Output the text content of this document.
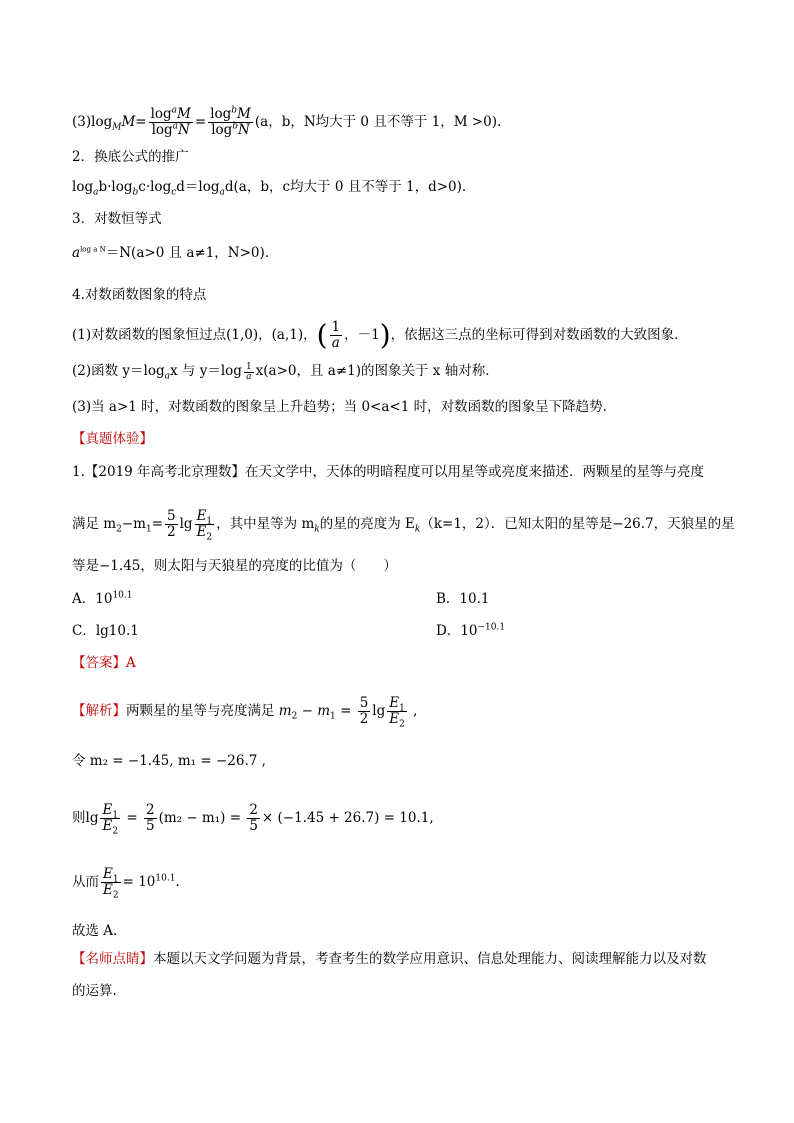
$(3)\log_MM= \frac{\log^aM}{\log^aN} = \frac{\log^bM}{\log^bN} (a$，b，N均大于 0 且不等于 1，M >0).
2．换底公式的推广
$\log_ab\cdot\log_bc\cdot\log_cd=\log_ad(a$，b，c均大于 0 且不等于 1，d>0).
3．对数恒等式
$a^{log a N}=N(a>0$ 且 a≠1，N>0).
4.对数函数图象的特点
(1)对数函数的图象恒过点(1,0)，(a,1)，( $\frac{1}{a}$ ，－1)，依据这三点的坐标可得到对数函数的大致图象．
(2)函数 $y=\log_ax$ 与 $y=\log \frac{1}{a} x(a>0$，且 a≠1)的图象关于 x 轴对称．
(3)当 a>1 时，对数函数的图象呈上升趋势；当 0<a<1 时，对数函数的图象呈下降趋势．
【真题体验】
1.【2019 年高考北京理数】在天文学中，天体的明暗程度可以用星等或亮度来描述．两颗星的星等与亮度
满足 $m_2-m_1= \frac{5}{2}$ $\lg \frac{E_1}{E_2}$ ，其中星等为 $m_k$的星的亮度为 $E_k(k=1$，2）．已知太阳的星等是−26.7，天狼星的星
等是−1.45，则太阳与天狼星的亮度的比值为（　　）
A．$10^{10.1}$	B．10.1
C．lg10.1	D．$10^{-10.1}$
【答案】A
【解析】两颗星的星等与亮度满足 $m_2 - m_1 = \frac{5}{2}$ $\lg \frac{E_1}{E_2}$ ,
令 m₂ = −1.45, m₁ = −26.7 ,
则$\lg \frac{E_1}{E_2} = \frac{2}{5} (m_2 - m_1) = \frac{2}{5} \times (-1.45 + 26.7) = 10.1$,
从而 $\frac{E_1}{E_2} = 10^{10.1}$.
故选 A.
【名师点睛】本题以天文学问题为背景，考查考生的数学应用意识、信息处理能力、阅读理解能力以及对数
的运算.
